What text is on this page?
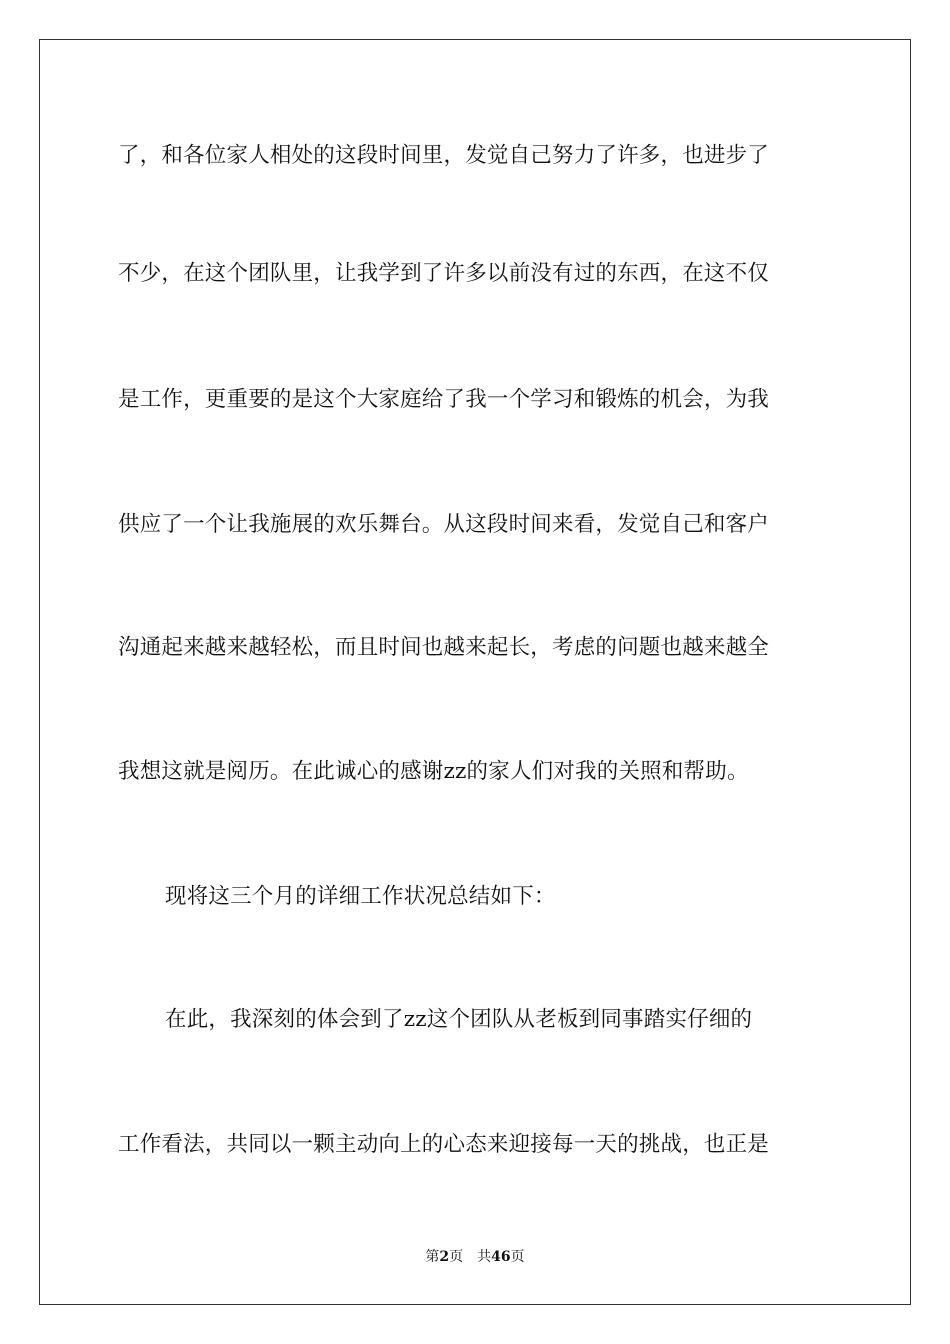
了，和各位家人相处的这段时间里，发觉自己努力了许多，也进步了
不少，在这个团队里，让我学到了许多以前没有过的东西，在这不仅
是工作，更重要的是这个大家庭给了我一个学习和锻炼的机会，为我
供应了一个让我施展的欢乐舞台。从这段时间来看，发觉自己和客户
沟通起来越来越轻松，而且时间也越来起长，考虑的问题也越来越全
我想这就是阅历。在此诚心的感谢zz的家人们对我的关照和帮助。
现将这三个月的详细工作状况总结如下：
在此，我深刻的体会到了zz这个团队从老板到同事踏实仔细的
工作看法，共同以一颗主动向上的心态来迎接每一天的挑战，也正是
第2页 共46页
